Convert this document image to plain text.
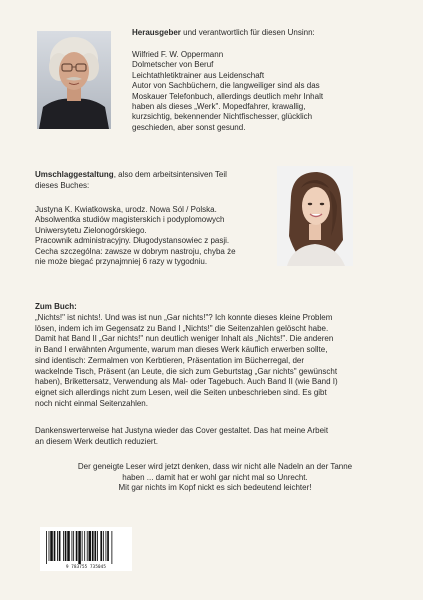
Herausgeber und verantwortlich für diesen Unsinn:
Wilfried F. W. Oppermann
Dolmetscher von Beruf
Leichtathletiktrainer aus Leidenschaft
Autor von Sachbüchern, die langweiliger sind als das
Moskauer Telefonbuch, allerdings deutlich mehr Inhalt
haben als dieses „Werk". Mopedfahrer, krawallig,
kurzsichtig, bekennender Nichtfischesser, glücklich
geschieden, aber sonst gesund.
Umschlaggestaltung, also dem arbeitsintensiven Teil
dieses Buches:
Justyna K. Kwiatkowska, urodz. Nowa Sól / Polska.
Absolwentka studiów magisterskich i podyplomowych
Uniwersytetu Zielonogórskiego.
Pracownik administracyjny. Długodystansowiec z pasji.
Cecha szczególna: zawsze w dobrym nastroju, chyba że
nie może biegać przynajmniej 6 razy w tygodniu.
Zum Buch:
„Nichts!" ist nichts!. Und was ist nun „Gar nichts!"? Ich konnte dieses kleine Problem
lösen, indem ich im Gegensatz zu Band I „Nichts!" die Seitenzahlen gelöscht habe.
Damit hat Band II „Gar nichts!" nun deutlich weniger Inhalt als „Nichts!". Die anderen
in Band I erwähnten Argumente, warum man dieses Werk käuflich erwerben sollte,
sind identisch: Zermalmen von Kerbtieren, Präsentation im Bücherregal, der
wackelnde Tisch, Präsent (an Leute, die sich zum Geburtstag „Gar nichts" gewünscht
haben), Brikettersatz, Verwendung als Mal- oder Tagebuch. Auch Band II (wie Band I)
eignet sich allerdings nicht zum Lesen, weil die Seiten unbeschrieben sind. Es gibt
noch nicht einmal Seitenzahlen.
Dankenswerterweise hat Justyna wieder das Cover gestaltet. Das hat meine Arbeit
an diesem Werk deutlich reduziert.
Der geneigte Leser wird jetzt denken, dass wir nicht alle Nadeln an der Tanne
haben ... damit hat er wohl gar nicht mal so Unrecht.
Mit gar nichts im Kopf nickt es sich bedeutend leichter!
9 783755 735045
